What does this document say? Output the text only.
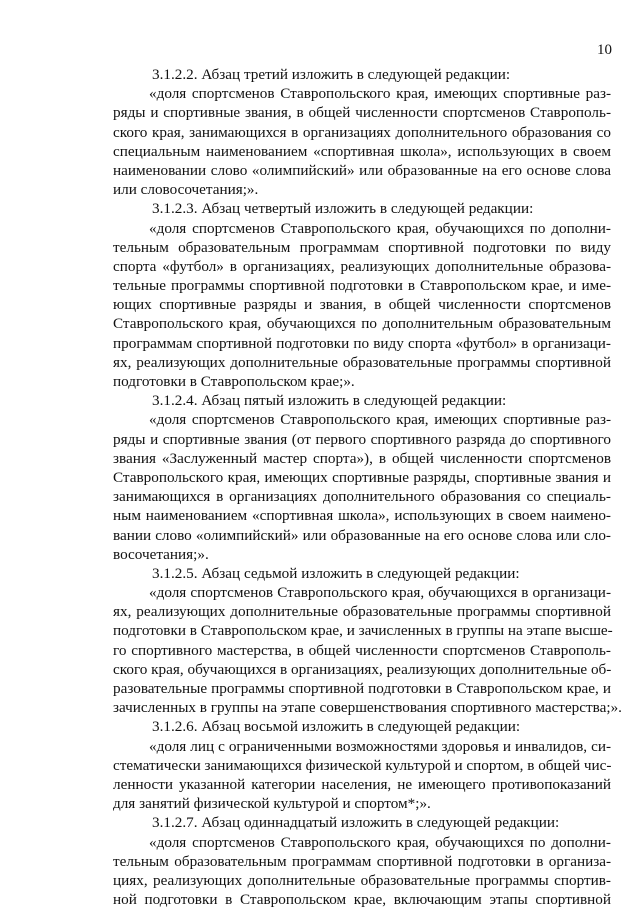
10
3.1.2.2. Абзац третий изложить в следующей редакции:
«доля спортсменов Ставропольского края, имеющих спортивные раз-
ряды и спортивные звания, в общей численности спортсменов Ставрополь-
ского края, занимающихся в организациях дополнительного образования со
специальным наименованием «спортивная школа», использующих в своем
наименовании слово «олимпийский» или образованные на его основе слова
или словосочетания;».
3.1.2.3. Абзац четвертый изложить в следующей редакции:
«доля спортсменов Ставропольского края, обучающихся по дополни-
тельным образовательным программам спортивной подготовки по виду
спорта «футбол» в организациях, реализующих дополнительные образова-
тельные программы спортивной подготовки в Ставропольском крае, и име-
ющих спортивные разряды и звания, в общей численности спортсменов
Ставропольского края, обучающихся по дополнительным образовательным
программам спортивной подготовки по виду спорта «футбол» в организаци-
ях, реализующих дополнительные образовательные программы спортивной
подготовки в Ставропольском крае;».
3.1.2.4. Абзац пятый изложить в следующей редакции:
«доля спортсменов Ставропольского края, имеющих спортивные раз-
ряды и спортивные звания (от первого спортивного разряда до спортивного
звания «Заслуженный мастер спорта»), в общей численности спортсменов
Ставропольского края, имеющих спортивные разряды, спортивные звания и
занимающихся в организациях дополнительного образования со специаль-
ным наименованием «спортивная школа», использующих в своем наимено-
вании слово «олимпийский» или образованные на его основе слова или сло-
восочетания;».
3.1.2.5. Абзац седьмой изложить в следующей редакции:
«доля спортсменов Ставропольского края, обучающихся в организаци-
ях, реализующих дополнительные образовательные программы спортивной
подготовки в Ставропольском крае, и зачисленных в группы на этапе высше-
го спортивного мастерства, в общей численности спортсменов Ставрополь-
ского края, обучающихся в организациях, реализующих дополнительные об-
разовательные программы спортивной подготовки в Ставропольском крае, и
зачисленных в группы на этапе совершенствования спортивного мастерства;».
3.1.2.6. Абзац восьмой изложить в следующей редакции:
«доля лиц с ограниченными возможностями здоровья и инвалидов, си-
стематически занимающихся физической культурой и спортом, в общей чис-
ленности указанной категории населения, не имеющего противопоказаний
для занятий физической культурой и спортом*;».
3.1.2.7. Абзац одиннадцатый изложить в следующей редакции:
«доля спортсменов Ставропольского края, обучающихся по дополни-
тельным образовательным программам спортивной подготовки в организа-
циях, реализующих дополнительные образовательные программы спортив-
ной подготовки в Ставропольском крае, включающим этапы спортивной
